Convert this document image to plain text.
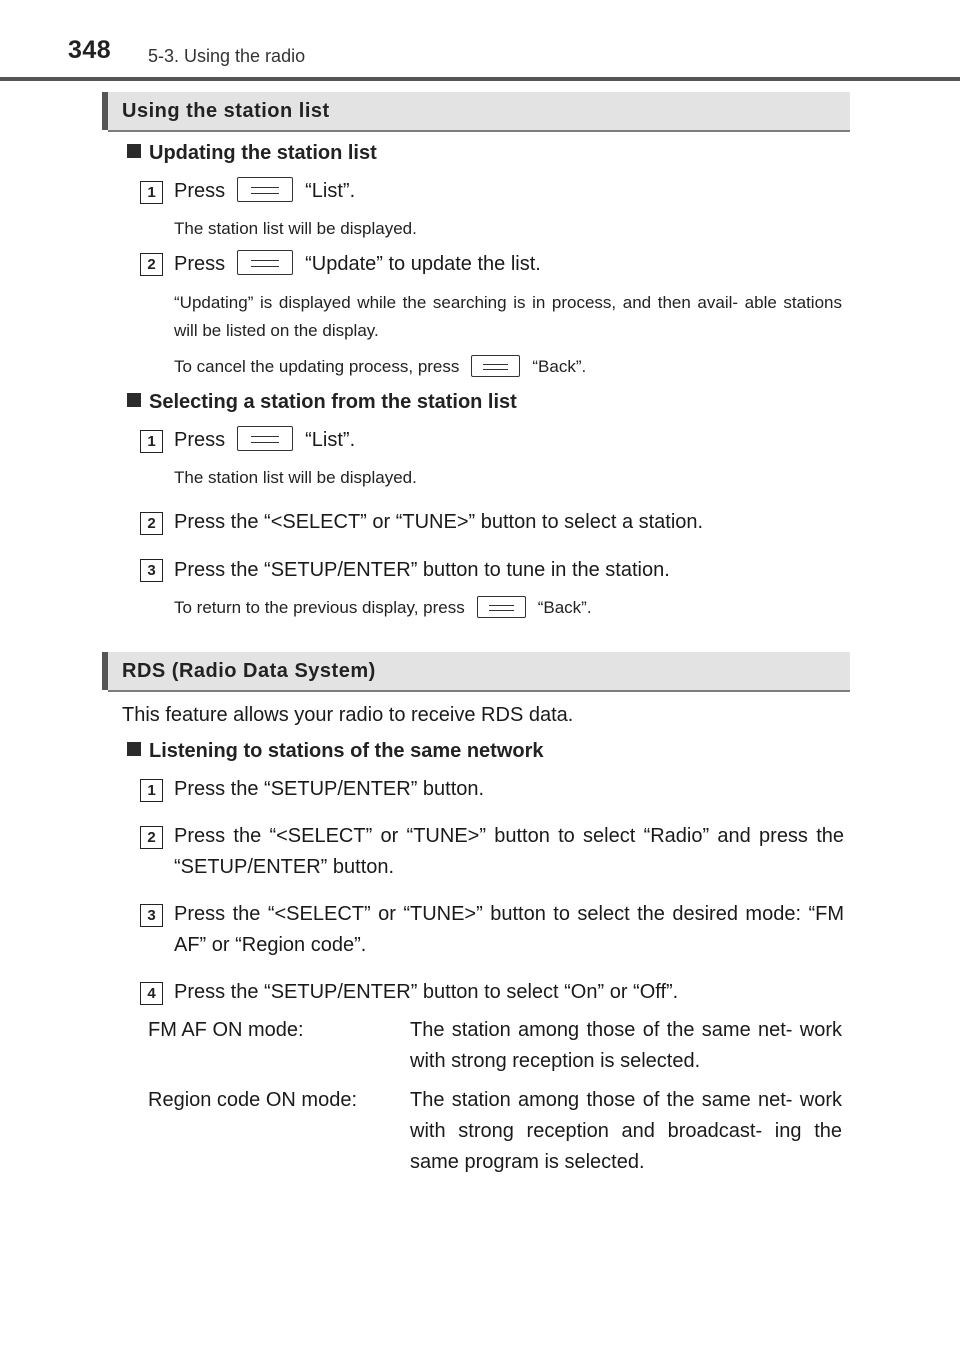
348 5-3. Using the radio
Using the station list
Updating the station list
1 Press	“List”.
The station list will be displayed.
2 Press	“Update” to update the list.
“Updating” is displayed while the searching is in process, and then avail- able stations will be listed on the display.
To cancel the updating process, press	“Back”.
Selecting a station from the station list
1 Press	“List”.
The station list will be displayed.
2 Press the “<SELECT” or “TUNE>” button to select a station.
3 Press the “SETUP/ENTER” button to tune in the station.
To return to the previous display, press	“Back”.
RDS (Radio Data System)
This feature allows your radio to receive RDS data.
Listening to stations of the same network
1 Press the “SETUP/ENTER” button.
2 Press the “<SELECT” or “TUNE>” button to select “Radio” and press the “SETUP/ENTER” button.
3 Press the “<SELECT” or “TUNE>” button to select the desired mode: “FM AF” or “Region code”.
4 Press the “SETUP/ENTER” button to select “On” or “Off”.
FM AF ON mode:	The station among those of the same net- work with strong reception is selected.
Region code ON mode:	The station among those of the same net- work with strong reception and broadcast- ing the same program is selected.
